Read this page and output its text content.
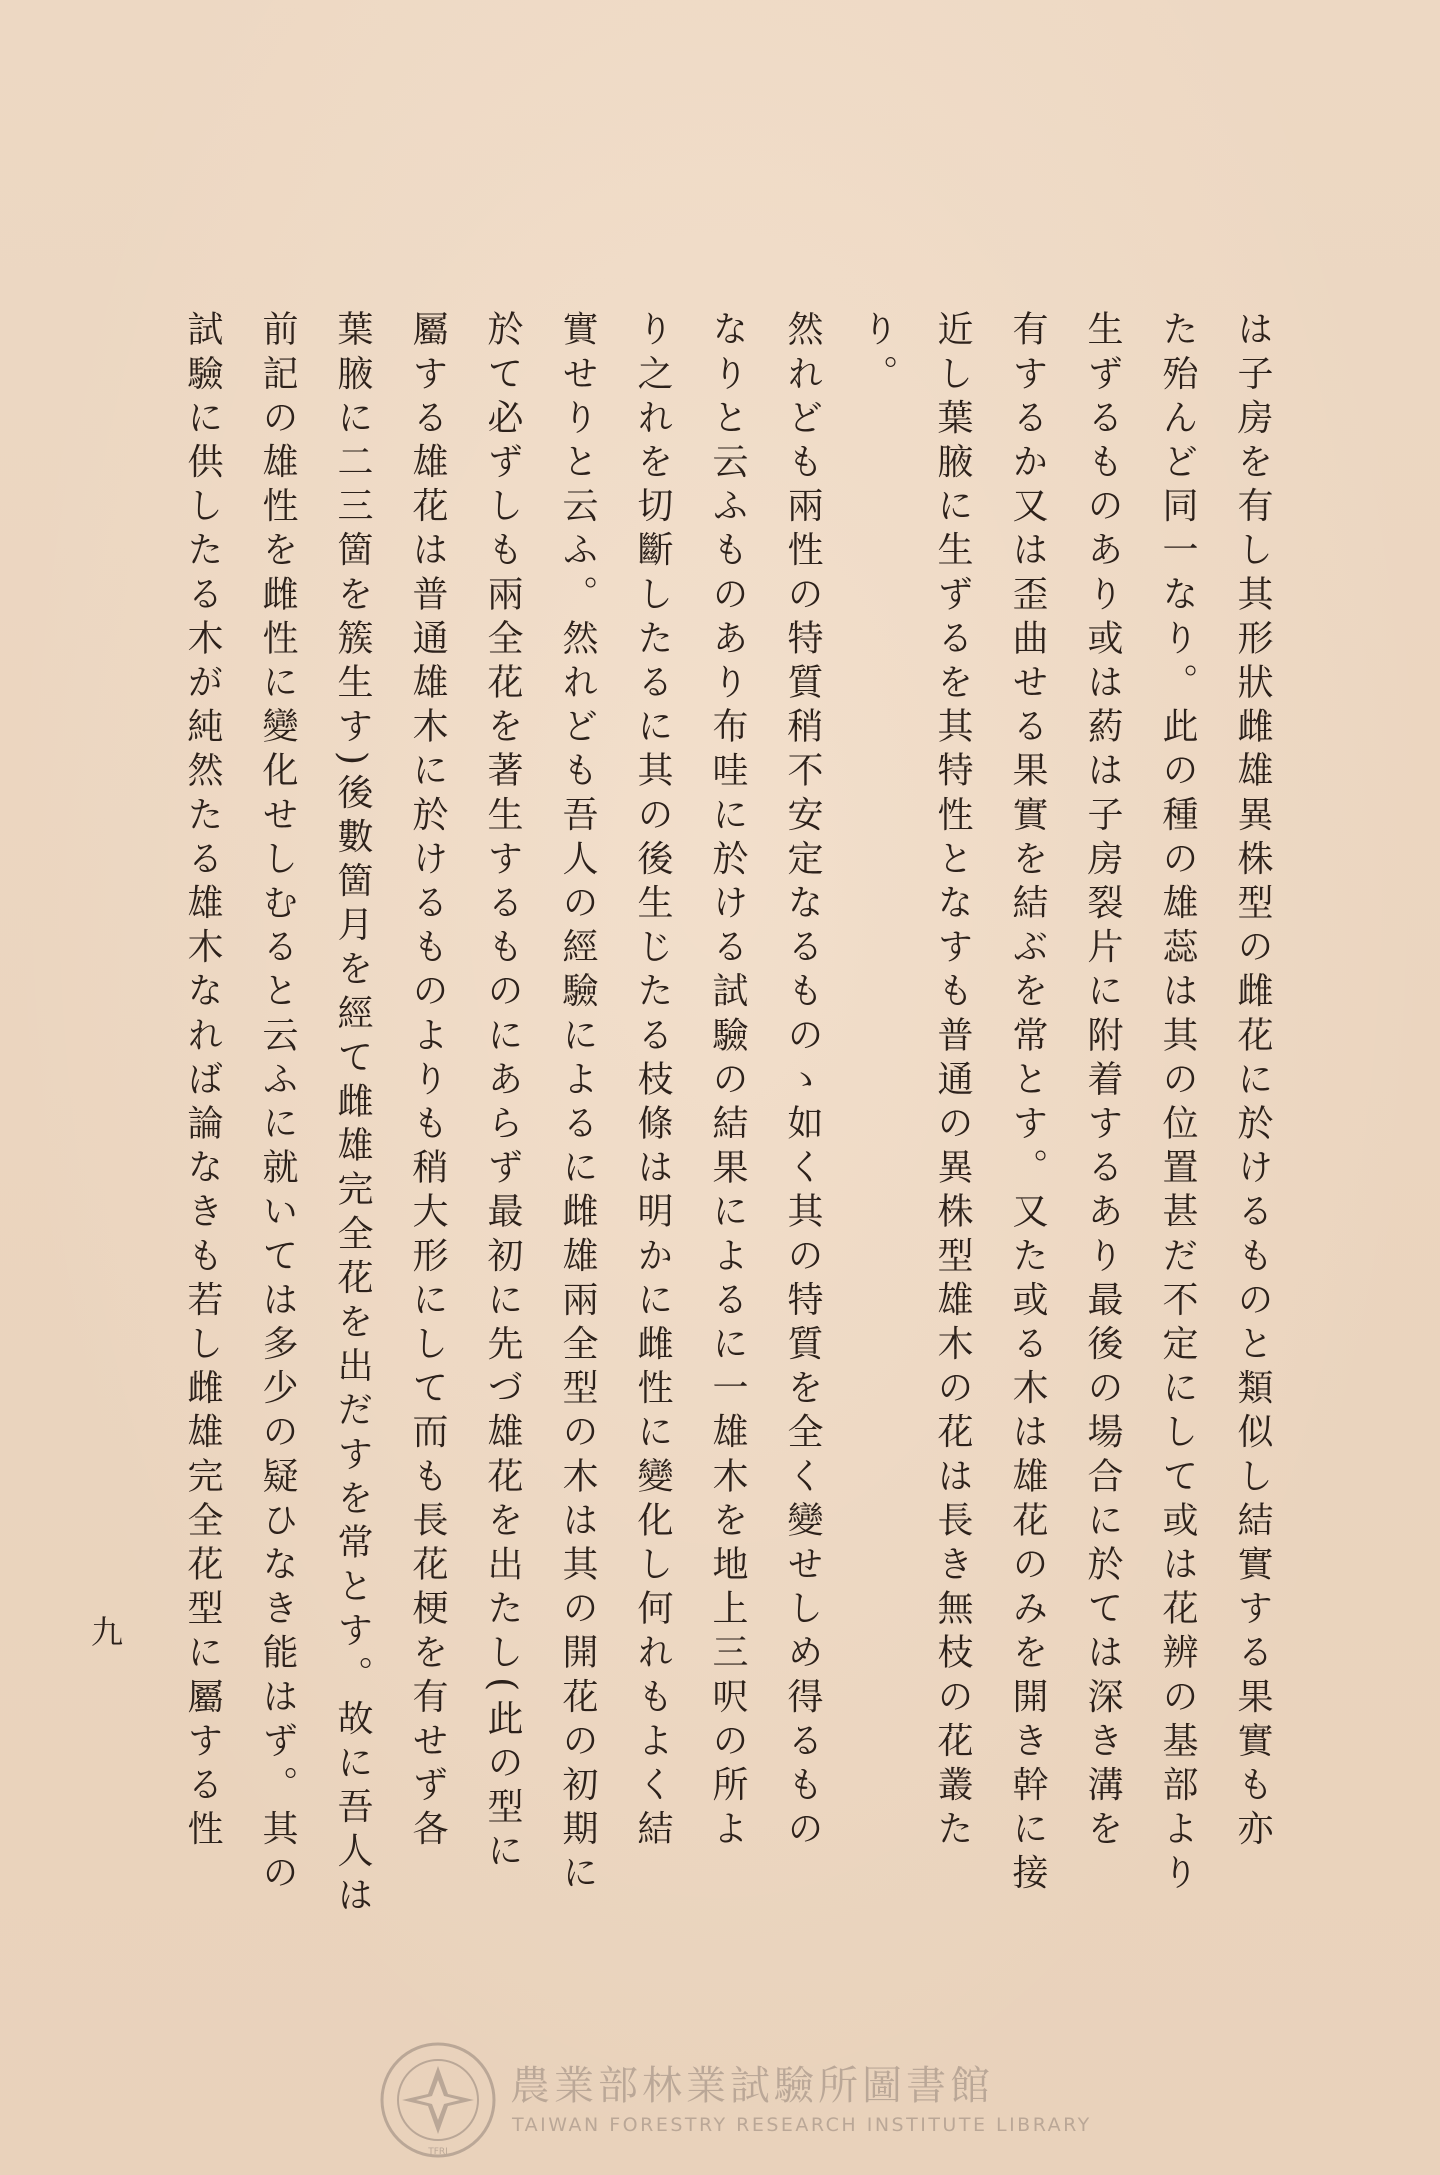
は子房を有し其形狀雌雄異株型の雌花に於けるものと類似し結實する果實も亦
た殆んど同一なり。此の種の雄蕊は其の位置甚だ不定にして或は花辨の基部より
生ずるものあり或は葯は子房裂片に附着するあり最後の場合に於ては深き溝を
有するか又は歪曲せる果實を結ぶを常とす。又た或る木は雄花のみを開き幹に接
近し葉腋に生ずるを其特性となすも普通の異株型雄木の花は長き無枝の花叢た
り。
然れども兩性の特質稍不安定なるものゝ如く其の特質を全く變せしめ得るもの
なりと云ふものあり布哇に於ける試驗の結果によるに一雄木を地上三呎の所よ
り之れを切斷したるに其の後生じたる枝條は明かに雌性に變化し何れもよく結
實せりと云ふ。然れども吾人の經驗によるに雌雄兩全型の木は其の開花の初期に
於て必ずしも兩全花を著生するものにあらず最初に先づ雄花を出たし(此の型に
屬する雄花は普通雄木に於けるものよりも稍大形にして而も長花梗を有せず各
葉腋に二三箇を簇生す)後數箇月を經て雌雄完全花を出だすを常とす。故に吾人は
前記の雄性を雌性に變化せしむると云ふに就いては多少の疑ひなき能はず。其の
試驗に供したる木が純然たる雄木なれば論なきも若し雌雄完全花型に屬する性
九
TFRI
農業部林業試驗所圖書館
TAIWAN FORESTRY RESEARCH INSTITUTE LIBRARY
